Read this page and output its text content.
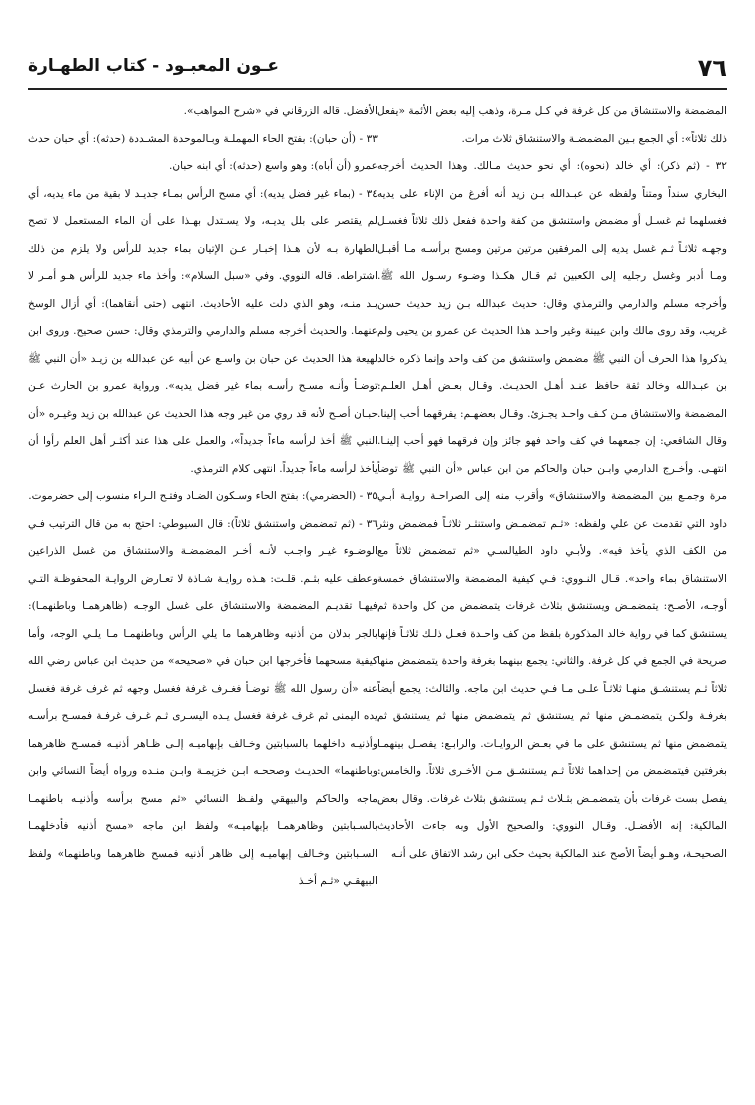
٧٦
عـون المعبـود - كتاب الطهـارة

المضمضة والاستنشاق من كل غرفة في كـل مـرة، وذهب إليه بعض الأئمة «يفعل ذلك ثلاثاً»: أي الجمع بـين المضمضـة والاستنشاق ثلاث مرات.

٣٢ - (ثم ذكر): أي خالد (نحوه): أي نحو حديث مـالك. وهذا الحديث أخرجه البخاري سنداً ومتناً ولفظه عن عبـدالله بـن زيد أنه أفرغ من الإناء على يديه فغسلهما ثم غسـل أو مضمض واستنشق من كفة واحدة ففعل ذلك ثلاثاً فغسـل وجهـه ثلاثـاً ثـم غسل يديه إلى المرفقين مرتين مرتين ومسح برأسـه مـا أقبـل ومـا أدبر وغسل رجليه إلى الكعبين ثم قـال هكـذا وضـوء رسـول الله ﷺ. وأخرجه مسلم والدارمي والترمذي وقال: حديث عبدالله بـن زيد حديث حسن غريب، وقد روى مالك وابن عيينة وغير واحـد هذا الحديث عن عمرو بن يحيى ولم يذكروا هذا الحرف أن النبي ﷺ مضمض واستنشق من كف واحد وإنما ذكره خالد بن عبـدالله وخالد ثقة حافظ عنـد أهـل الحديـث. وقـال بعـض أهـل العلـم: المضمضة والاستنشاق مـن كـف واحـد يجـزئ. وقـال بعضهـم: يفرقهما أحب إلينا. وقال الشافعي: إن جمعهما في كف واحد فهو جائز وإن فرقهما فهو أحب إلينـا. انتهـى. وأخـرج الدارمي وابـن حبان والحاكم من ابن عباس «أن النبي ﷺ توضأ مرة وجمـع بين المضمضة والاستنشاق» وأقرب منه إلى الصراحـة روايـة أبـي داود التي تقدمت عن علي ولفظه: «ثـم تمضمـض واستنثـر ثلاثـاً فمضمض ونثر من الكف الذي يأخذ فيه». ولأبـي داود الطيالسـي «ثم تمضمض ثلاثاً مع الاستنشاق بماء واحد». قـال النـووي: فـي كيفية المضمضة والاستنشاق خمسة أوجـه، الأصـح: يتمضمـض ويستنشق بثلاث غرفات يتمضمض من كل واحدة ثم يستنشق كما في رواية خالد المذكورة بلفظ من كف واحـدة فعـل ذلـك ثلاثـاً فإنها صريحة في الجمع في كل غرفة. والثاني: يجمع بينهما بغرفة واحدة يتمضمض منها ثلاثاً ثـم يستنشـق منهـا ثلاثـاً علـى مـا فـي حديث ابن ماجه. والثالث: يجمع أيضاً بغرفـة ولكـن يتمضمـض منها ثم يستنشق ثم يتمضمض منها ثم يستنشق ثم يتمضمض منها ثم يستنشق على ما في بعـض الروايـات. والرابـع: يفصـل بينهمـا بغرفتين فيتمضمض من إحداهما ثلاثاً ثـم يستنشـق مـن الأخـرى ثلاثاً. والخامس: يفصل بست غرفات بأن يتمضمـض بثـلاث ثـم يستنشق بثلاث غرفات. وقال بعض المالكية: إنه الأفضـل. وقـال النووي: والصحيح الأول وبه جاءت الأحاديث الصحيحـة، وهـو أيضاً الأصح عند المالكية بحيث حكى ابن رشد الاتفاق على أنـه

الأفضل. قاله الزرقاني في «شرح المواهب».

٣٣ - (أن حبان): بفتح الحاء المهملـة وبـالموحدة المشـددة (حدثه): أي حبان حدث عمرو (أن أباه): وهو واسع (حدثه): أي ابنه حبان.

٣٤ - (بماء غير فضل يديه): أي مسح الرأس بمـاء جديـد لا بقية من ماء يديه، أي لم يقتصر على بلل يديـه، ولا يسـتدل بهـذا على أن الماء المستعمل لا تصح الطهارة بـه لأن هـذا إخبـار عـن الإتيان بماء جديد للرأس ولا يلزم من ذلك اشتراطه. قاله النووي. وفي «سبل السلام»: وأخذ ماء جديد للرأس هـو أمـر لا بـد منـه، وهو الذي دلت عليه الأحاديث. انتهى (حتى أنقاهما): أي أزال الوسخ عنهما. والحديث أخرجه مسلم والدارمي والترمذي وقال: حسن صحيح. وروى ابن لهيعة هذا الحديث عن حبان بن واسـع عن أبيه عن عبدالله بن زيـد «أن النبي ﷺ توضـأ وأنـه مسـح رأسـه بماء غير فضل يديه». ورواية عمرو بن الحارث عـن حبـان أصـح لأنه قد روي من غير وجه هذا الحديث عن عبدالله بن زيد وغيـره «أن النبي ﷺ أخذ لرأسه ماءاً جديداً»، والعمل على هذا عند أكثـر أهل العلم رأوا أن يأخذ لرأسه ماءاً جديداً. انتهى كلام الترمذي.

٣٥ - (الحضرمي): بفتح الحاء وسـكون الضـاد وفتـح الـراء منسوب إلى حضرموت.

٣٦ - (ثم تمضمض واستنشق ثلاثاً): قال السيوطي: احتج به من قال الترتيب فـي الوضـوء غيـر واجـب لأنـه أخـر المضمضـة والاستنشاق من غسل الذراعين وعطف عليه بثـم. قلـت: هـذه روايـة شـاذة لا تعـارض الروايـة المحفوظـة التـي فيهـا تقديـم المضمضة والاستنشاق على غسل الوجـه (ظاهرهمـا وباطنهمـا): بالجر بدلان من أذنيه وظاهرهما ما يلي الرأس وباطنهمـا مـا يلـي الوجه، وأما كيفية مسحهما فأخرجها ابن حبان في «صحيحه» من حديث ابن عباس رضي الله عنه «أن رسول الله ﷺ توضـأ فغـرف غرفة فغسل وجهه ثم غرف غرفة فغسل يده اليمنى ثم غرف غرفة فغسل يـده اليسـرى ثـم غـرف غرفـة فمسـح برأسـه وأذنيـه داخلهما بالسبابتين وخـالف بإبهاميـه إلـى ظـاهر أذنيـه فمسـح ظاهرهما وباطنهما» الحديـث وصححـه ابـن خزيمـة وابـن منـده ورواه أيضاً النسائي وابن ماجه والحاكم والبيهقي ولفـظ النسائي «ثم مسح برأسه وأذنيـه باطنهمـا بالسـبابتين وظاهرهمـا بإبهاميـه» ولفظ ابن ماجه «مسح أذنيه فأدخلهمـا السـبابتين وخـالف إبهاميـه إلى ظاهر أذنيه فمسح ظاهرهما وباطنهما» ولفظ البيهقـي «ثـم أخـذ
